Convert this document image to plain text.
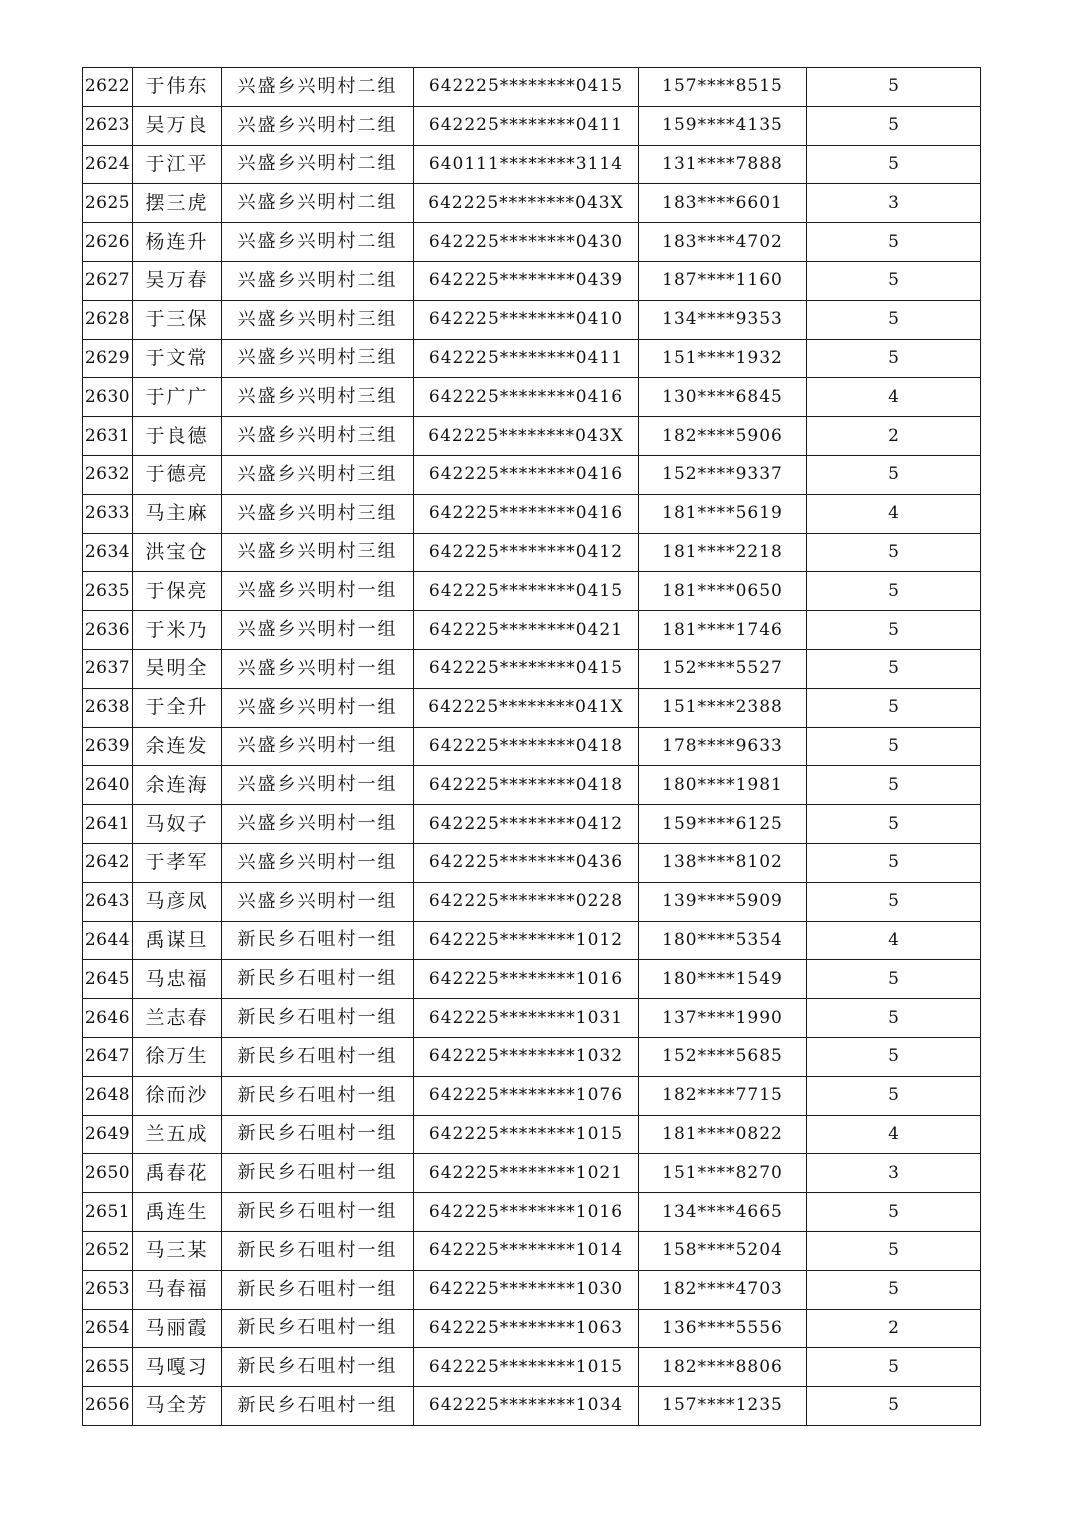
2622	于伟东	兴盛乡兴明村二组	642225********0415	157****8515	5
2623	吴万良	兴盛乡兴明村二组	642225********0411	159****4135	5
2624	于江平	兴盛乡兴明村二组	640111********3114	131****7888	5
2625	摆三虎	兴盛乡兴明村二组	642225********043X	183****6601	3
2626	杨连升	兴盛乡兴明村二组	642225********0430	183****4702	5
2627	吴万春	兴盛乡兴明村二组	642225********0439	187****1160	5
2628	于三保	兴盛乡兴明村三组	642225********0410	134****9353	5
2629	于文常	兴盛乡兴明村三组	642225********0411	151****1932	5
2630	于广广	兴盛乡兴明村三组	642225********0416	130****6845	4
2631	于良德	兴盛乡兴明村三组	642225********043X	182****5906	2
2632	于德亮	兴盛乡兴明村三组	642225********0416	152****9337	5
2633	马主麻	兴盛乡兴明村三组	642225********0416	181****5619	4
2634	洪宝仓	兴盛乡兴明村三组	642225********0412	181****2218	5
2635	于保亮	兴盛乡兴明村一组	642225********0415	181****0650	5
2636	于米乃	兴盛乡兴明村一组	642225********0421	181****1746	5
2637	吴明全	兴盛乡兴明村一组	642225********0415	152****5527	5
2638	于全升	兴盛乡兴明村一组	642225********041X	151****2388	5
2639	余连发	兴盛乡兴明村一组	642225********0418	178****9633	5
2640	余连海	兴盛乡兴明村一组	642225********0418	180****1981	5
2641	马奴子	兴盛乡兴明村一组	642225********0412	159****6125	5
2642	于孝军	兴盛乡兴明村一组	642225********0436	138****8102	5
2643	马彦凤	兴盛乡兴明村一组	642225********0228	139****5909	5
2644	禹谋旦	新民乡石咀村一组	642225********1012	180****5354	4
2645	马忠福	新民乡石咀村一组	642225********1016	180****1549	5
2646	兰志春	新民乡石咀村一组	642225********1031	137****1990	5
2647	徐万生	新民乡石咀村一组	642225********1032	152****5685	5
2648	徐而沙	新民乡石咀村一组	642225********1076	182****7715	5
2649	兰五成	新民乡石咀村一组	642225********1015	181****0822	4
2650	禹春花	新民乡石咀村一组	642225********1021	151****8270	3
2651	禹连生	新民乡石咀村一组	642225********1016	134****4665	5
2652	马三某	新民乡石咀村一组	642225********1014	158****5204	5
2653	马春福	新民乡石咀村一组	642225********1030	182****4703	5
2654	马丽霞	新民乡石咀村一组	642225********1063	136****5556	2
2655	马嘎习	新民乡石咀村一组	642225********1015	182****8806	5
2656	马全芳	新民乡石咀村一组	642225********1034	157****1235	5
